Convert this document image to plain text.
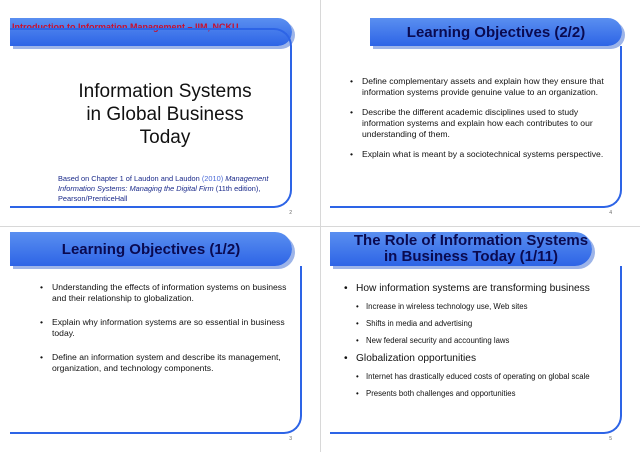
Introduction to Information Management – IIM, NCKU
Information Systems
in Global Business
Today
Based on Chapter 1 of Laudon and Laudon (2010) Management Information Systems: Managing the Digital Firm (11th edition), Pearson/PrenticeHall
2
Learning Objectives (2/2)
• Define complementary assets and explain how they ensure that information systems provide genuine value to an organization.
• Describe the different academic disciplines used to study information systems and explain how each contributes to our understanding of them.
• Explain what is meant by a sociotechnical systems perspective.
4
Learning Objectives (1/2)
• Understanding the effects of information systems on business and their relationship to globalization.
• Explain why information systems are so essential in business today.
• Define an information system and describe its management, organization, and technology components.
3
The Role of Information Systems
in Business Today (1/11)
• How information systems are transforming business
• Increase in wireless technology use, Web sites
• Shifts in media and advertising
• New federal security and accounting laws
• Globalization opportunities
• Internet has drastically educed costs of operating on global scale
• Presents both challenges and opportunities
5
